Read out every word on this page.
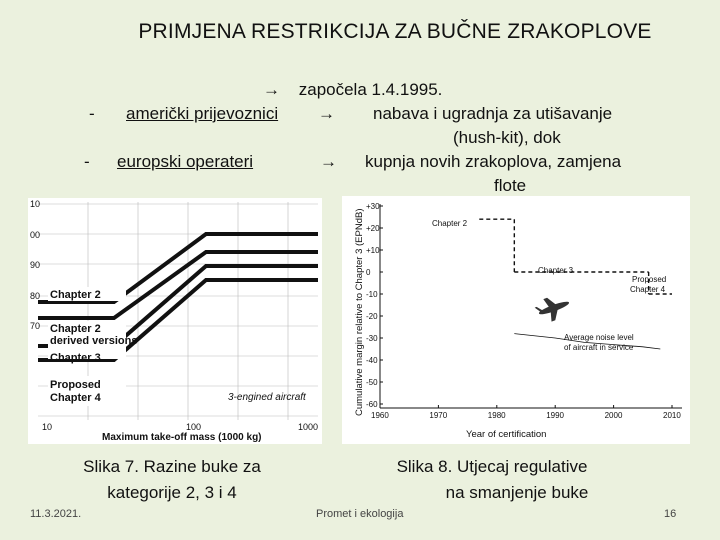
PRIMJENA RESTRIKCIJA ZA BUČNE ZRAKOPLOVE
→ započela 1.4.1995.
- američki prijevoznici → nabava i ugradnja za utišavanje
(hush-kit), dok
- europski operateri	→ kupnja novih zrakoplova, zamjena
flote
10
00
90
80
70
Chapter 2
Chapter 2
derived versions
Chapter 3
Proposed
Chapter 4	3-engined aircraft
10	100	1000
Maximum take-off mass (1000 kg)
Cumulative margin relative to Chapter 3 (EPNdB)
+30
+20
+10
0
-10
-20
-30
-40
-50
-60
1960	1970	1980	1990	2000	2010
Chapter 2
Chapter 3
Proposed
Chapter 4
Average noise level
of aircraft in service
Year of certification
Slika 7. Razine buke za
kategorije 2, 3 i 4
Slika 8. Utjecaj regulative
na smanjenje buke
11.3.2021.	Promet i ekologija	16
